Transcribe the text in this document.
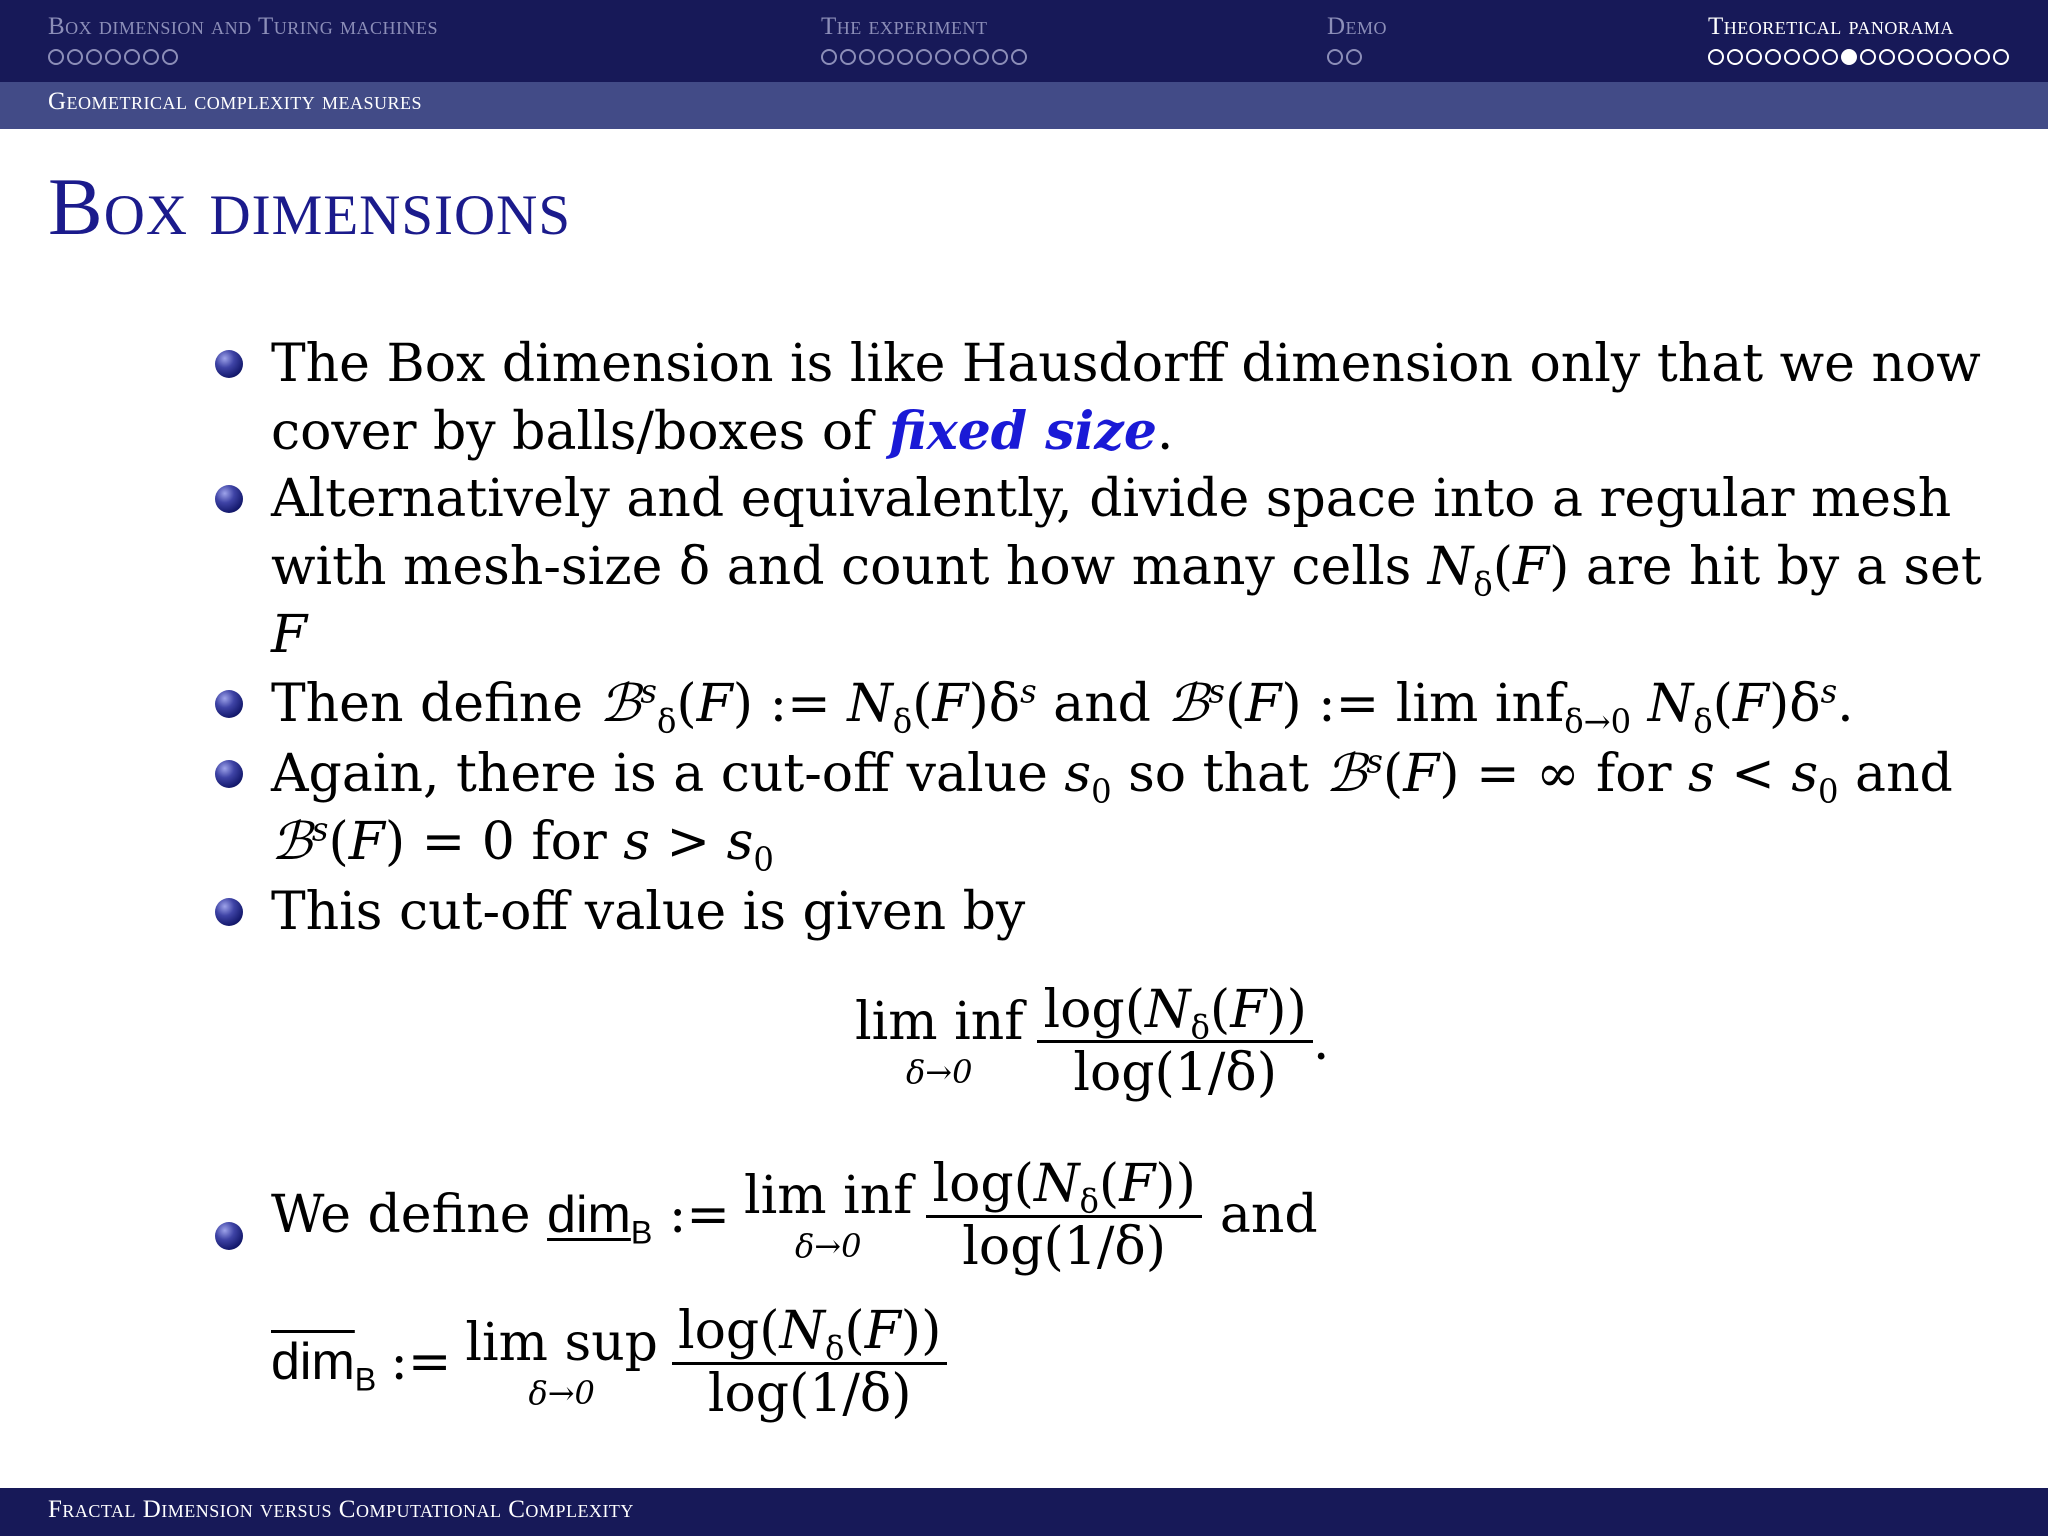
Box dimension and Turing machines	The experiment	Demo	Theoretical panorama
Geometrical complexity measures
Box dimensions
The Box dimension is like Hausdorff dimension only that we now cover by balls/boxes of fixed size.
Alternatively and equivalently, divide space into a regular mesh with mesh-size δ and count how many cells $N_\delta(F)$ are hit by a set F
Then define ℬ$^s_\delta$(F) := $N_\delta(F)\delta^s$ and ℬ$^s$(F) := lim inf$_{\delta\to 0}$ $N_\delta(F)\delta^s$.
Again, there is a cut-off value $s_0$ so that ℬ$^s$(F) = ∞ for $s < s_0$ and ℬ$^s$(F) = 0 for $s > s_0$
This cut-off value is given by
lim inf
δ→0	$\frac{\log(N_\delta(F))}{\log(1/\delta)}$ .
We define dim$_B$
:= lim inf
δ→0	$\frac{\log(N_\delta(F))}{\log(1/\delta)}$ and
$\overline{dim}_B$ := lim sup
δ→0	$\frac{\log(N_\delta(F))}{\log(1/\delta)}$
Fractal Dimension versus Computational Complexity
